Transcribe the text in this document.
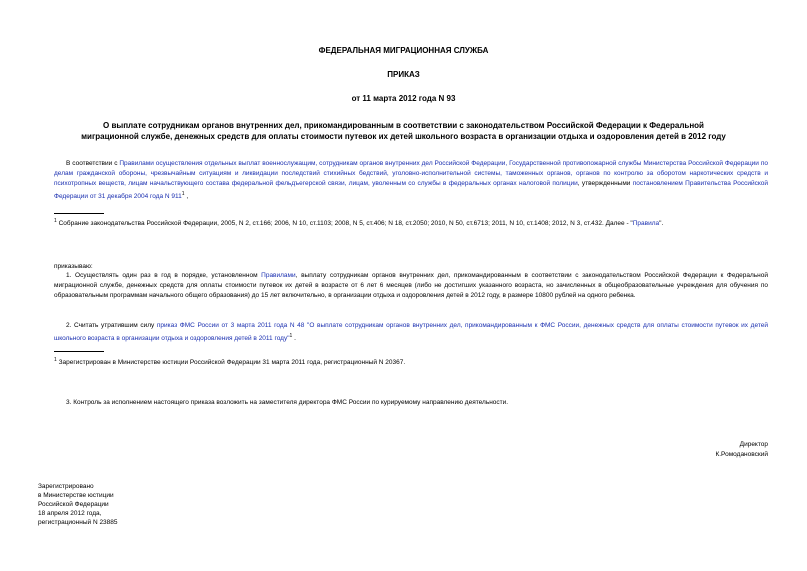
ФЕДЕРАЛЬНАЯ МИГРАЦИОННАЯ СЛУЖБА
ПРИКАЗ
от 11 марта 2012 года N 93
О выплате сотрудникам органов внутренних дел, прикомандированным в соответствии с законодательством Российской Федерации к Федеральной
миграционной службе, денежных средств для оплаты стоимости путевок их детей школьного возраста в организации отдыха и оздоровления детей в 2012 году
В соответствии с Правилами осуществления отдельных выплат военнослужащим, сотрудникам органов внутренних дел Российской Федерации, Государственной противопожарной службы Министерства Российской Федерации по делам гражданской обороны, чрезвычайным ситуациям и ликвидации последствий стихийных бедствий, уголовно-исполнительной системы, таможенных органов, органов по контролю за оборотом наркотических средств и психотропных веществ, лицам начальствующего состава федеральной фельдъегерской связи, лицам, уволенным со службы в федеральных органах налоговой полиции, утвержденными постановлением Правительства Российской Федерации от 31 декабря 2004 года N 911$^1$ ,
$^1$ Собрание законодательства Российской Федерации, 2005, N 2, ст.166; 2006, N 10, ст.1103; 2008, N 5, ст.406; N 18, ст.2050; 2010, N 50, ст.6713; 2011, N 10, ст.1408; 2012, N 3, ст.432. Далее - "Правила".
приказываю:
1. Осуществлять один раз в год в порядке, установленном Правилами, выплату сотрудникам органов внутренних дел, прикомандированным в соответствии с законодательством Российской Федерации к Федеральной миграционной службе, денежных средств для оплаты стоимости путевок их детей в возрасте от 6 лет 6 месяцев (либо не достигших указанного возраста, но зачисленных в общеобразовательные учреждения для обучения по образовательным программам начального общего образования) до 15 лет включительно, в организации отдыха и оздоровления детей в 2012 году, в размере 10800 рублей на одного ребенка.
2. Считать утратившим силу приказ ФМС России от 3 марта 2011 года N 48 "О выплате сотрудникам органов внутренних дел, прикомандированным к ФМС России, денежных средств для оплаты стоимости путевок их детей школьного возраста в организации отдыха и оздоровления детей в 2011 году"$^1$ .
$^1$ Зарегистрирован в Министерстве юстиции Российской Федерации 31 марта 2011 года, регистрационный N 20367.
3. Контроль за исполнением настоящего приказа возложить на заместителя директора ФМС России по курируемому направлению деятельности.
Директор
К.Ромодановский
Зарегистрировано
в Министерстве юстиции
Российской Федерации
18 апреля 2012 года,
регистрационный N 23885
